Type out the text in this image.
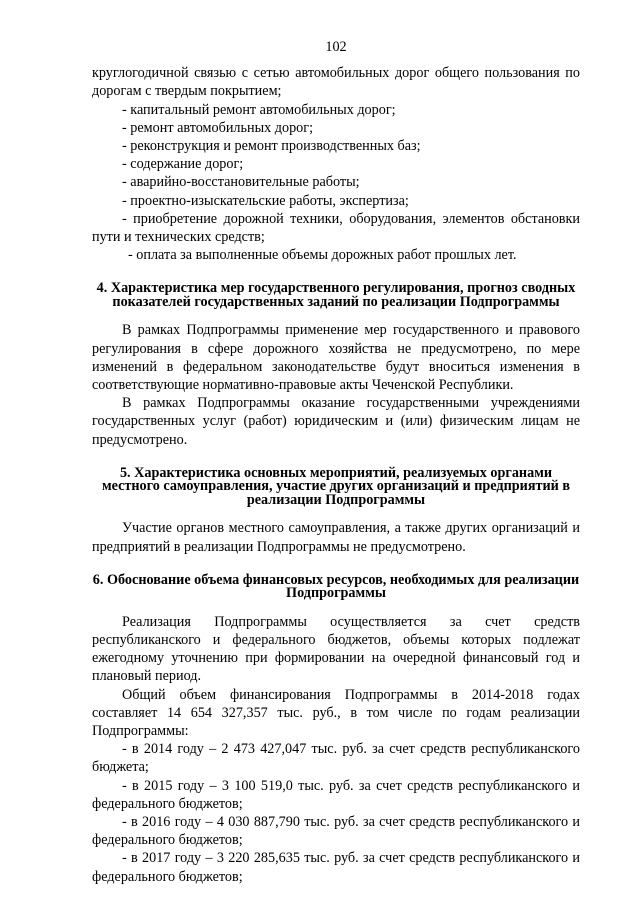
102

круглогодичной связью с сетью автомобильных дорог общего пользования по дорогам с твердым покрытием;

- капитальный ремонт автомобильных дорог;

- ремонт автомобильных дорог;

- реконструкция и ремонт производственных баз;

- содержание дорог;

- аварийно-восстановительные работы;

- проектно-изыскательские работы, экспертиза;

- приобретение дорожной техники, оборудования, элементов обстановки пути и технических средств;

- оплата за выполненные объемы дорожных работ прошлых лет.

4. Характеристика мер государственного регулирования, прогноз сводных показателей государственных заданий по реализации Подпрограммы

В рамках Подпрограммы применение мер государственного и правового регулирования в сфере дорожного хозяйства не предусмотрено, по мере изменений в федеральном законодательстве будут вноситься изменения в соответствующие нормативно-правовые акты Чеченской Республики.

В рамках Подпрограммы оказание государственными учреждениями государственных услуг (работ) юридическим и (или) физическим лицам не предусмотрено.

5. Характеристика основных мероприятий, реализуемых органами местного самоуправления, участие других организаций и предприятий в реализации Подпрограммы

Участие органов местного самоуправления, а также других организаций и предприятий в реализации Подпрограммы не предусмотрено.

6. Обоснование объема финансовых ресурсов, необходимых для реализации Подпрограммы

Реализация Подпрограммы осуществляется за счет средств республиканского и федерального бюджетов, объемы которых подлежат ежегодному уточнению при формировании на очередной финансовый год и плановый период.

Общий объем финансирования Подпрограммы в 2014-2018 годах составляет 14 654 327,357 тыс. руб., в том числе по годам реализации Подпрограммы:

- в 2014 году – 2 473 427,047 тыс. руб. за счет средств республиканского бюджета;

- в 2015 году – 3 100 519,0 тыс. руб. за счет средств республиканского и федерального бюджетов;

- в 2016 году – 4 030 887,790 тыс. руб. за счет средств республиканского и федерального бюджетов;

- в 2017 году – 3 220 285,635 тыс. руб. за счет средств республиканского и федерального бюджетов;
